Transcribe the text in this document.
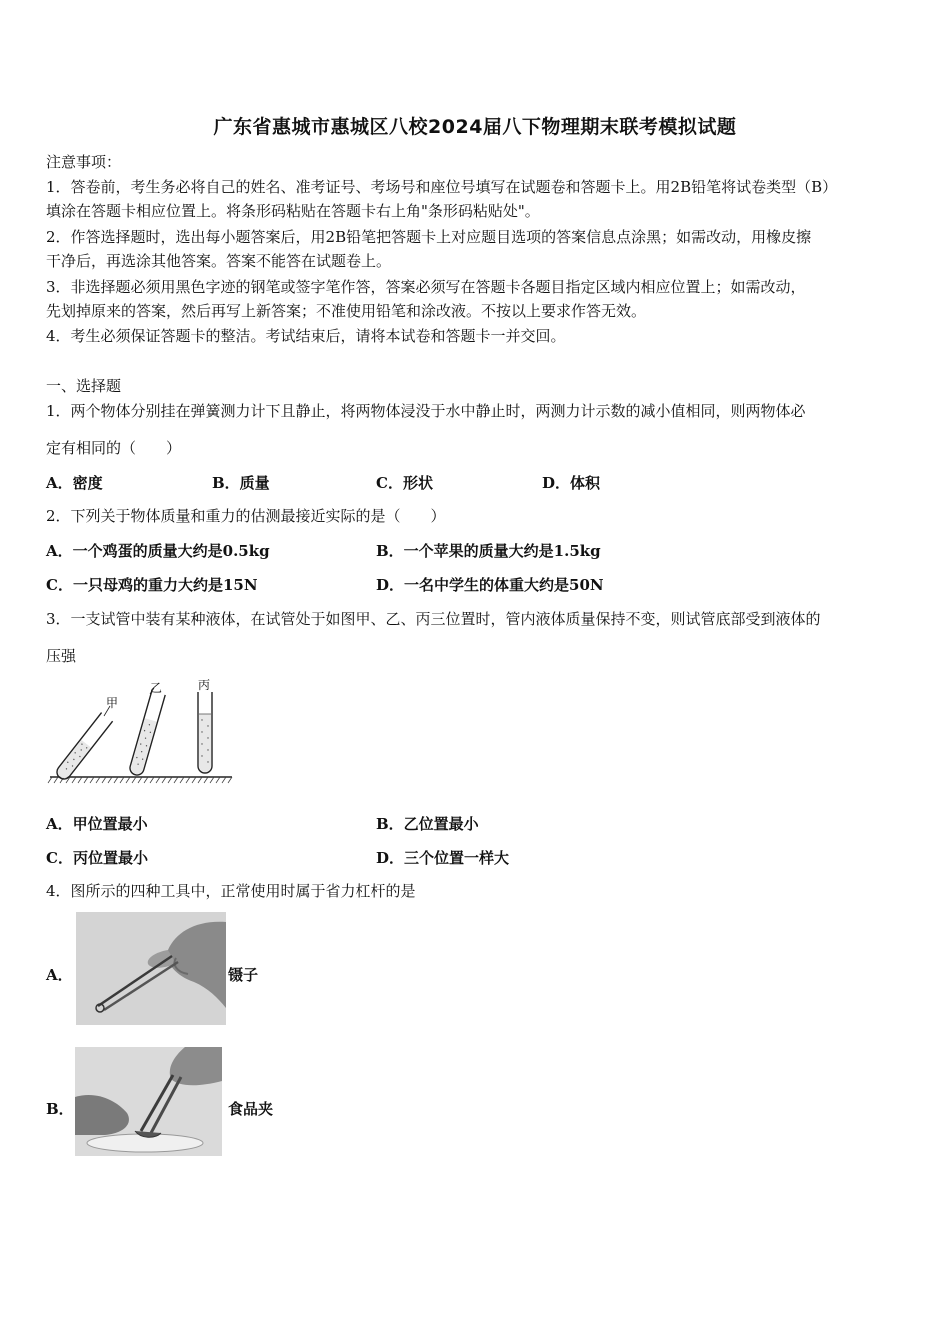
广东省惠城市惠城区八校2024届八下物理期末联考模拟试题
注意事项：
1．答卷前，考生务必将自己的姓名、准考证号、考场号和座位号填写在试题卷和答题卡上。用2B铅笔将试卷类型（B）
填涂在答题卡相应位置上。将条形码粘贴在答题卡右上角"条形码粘贴处"。
2．作答选择题时，选出每小题答案后，用2B铅笔把答题卡上对应题目选项的答案信息点涂黑；如需改动，用橡皮擦
干净后，再选涂其他答案。答案不能答在试题卷上。
3．非选择题必须用黑色字迹的钢笔或签字笔作答，答案必须写在答题卡各题目指定区域内相应位置上；如需改动，
先划掉原来的答案，然后再写上新答案；不准使用铅笔和涂改液。不按以上要求作答无效。
4．考生必须保证答题卡的整洁。考试结束后，请将本试卷和答题卡一并交回。
一、选择题
1．两个物体分别挂在弹簧测力计下且静止，将两物体浸没于水中静止时，两测力计示数的减小值相同，则两物体必
定有相同的（　　）
A．密度	B．质量	C．形状	D．体积
2．下列关于物体质量和重力的估测最接近实际的是（　　）
A．一个鸡蛋的质量大约是0.5kg	B．一个苹果的质量大约是1.5kg
C．一只母鸡的重力大约是15N	D．一名中学生的体重大约是50N
3．一支试管中装有某种液体，在试管处于如图甲、乙、丙三位置时，管内液体质量保持不变，则试管底部受到液体的
压强
甲
乙	丙
A．甲位置最小	B．乙位置最小
C．丙位置最小	D．三个位置一样大
4．图所示的四种工具中，正常使用时属于省力杠杆的是
A．	镊子
B．	食品夹
